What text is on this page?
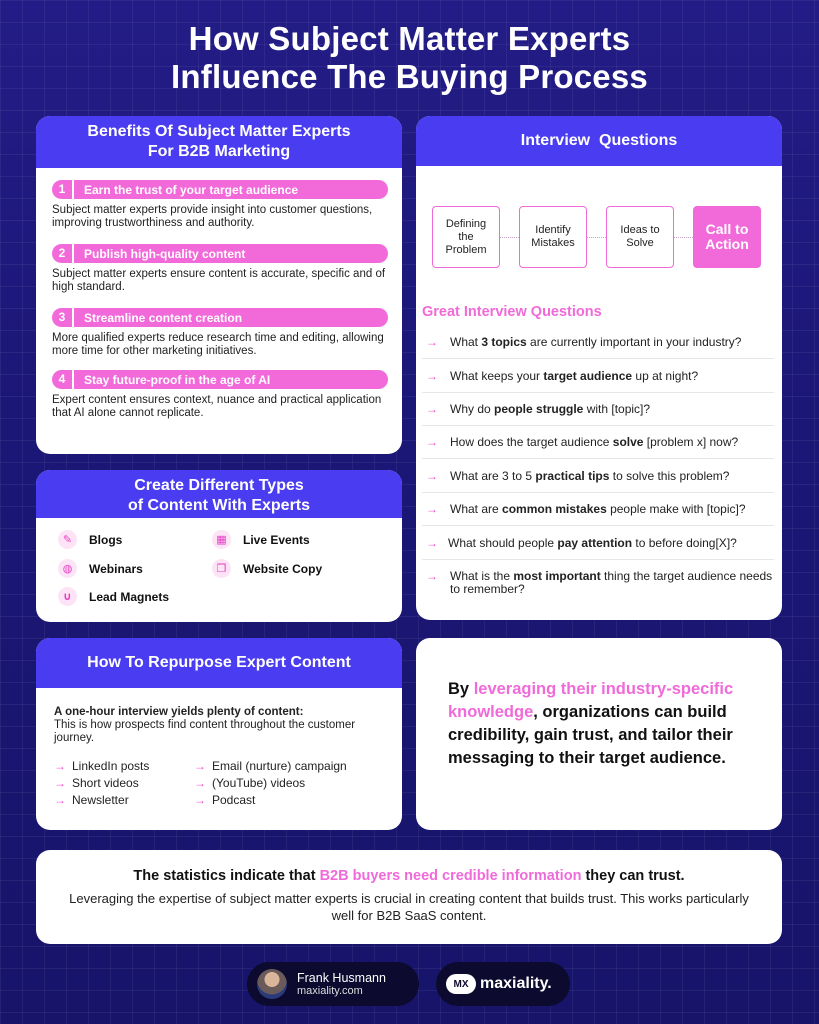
How Subject Matter Experts
Influence The Buying Process
Benefits Of Subject Matter Experts
For B2B Marketing
1	Earn the trust of your target audience
Subject matter experts provide insight into customer questions, improving trustworthiness and authority.
2	Publish high-quality content
Subject matter experts ensure content is accurate, specific and of high standard.
3	Streamline content creation
More qualified experts reduce research time and editing, allowing more time for other marketing initiatives.
4	Stay future-proof in the age of AI
Expert content ensures context, nuance and practical application that AI alone cannot replicate.
Create Different Types
of Content With Experts
✎	Blogs	▦	Live Events
◍	Webinars	❐	Website Copy
∪	Lead Magnets
How To Repurpose Expert Content
A one-hour interview yields plenty of content:
This is how prospects find content throughout the customer journey.
→ LinkedIn posts
→ Short videos
→ Newsletter
→ Email (nurture) campaign
→ (YouTube) videos
→ Podcast
Interview  Questions
Defining the Problem
Identify Mistakes
Ideas to Solve
Call to Action
Great Interview Questions
→ What 3 topics are currently important in your industry?
→ What keeps your target audience up at night?
→ Why do people struggle with [topic]?
→ How does the target audience solve [problem x] now?
→ What are 3 to 5 practical tips to solve this problem?
→ What are common mistakes people make with [topic]?
→ What should people pay attention to before doing[X]?
→ What is the most important thing the target audience needs to remember?
By leveraging their industry-specific knowledge, organizations can build credibility, gain trust, and tailor their messaging to their target audience.
The statistics indicate that B2B buyers need credible information they can trust.
Leveraging the expertise of subject matter experts is crucial in creating content that builds trust. This works particularly well for B2B SaaS content.
Frank Husmann
maxiality.com
MX maxiality.
